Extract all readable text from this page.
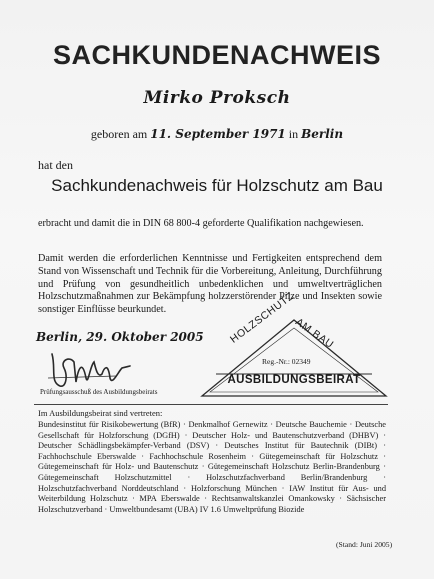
SACHKUNDENACHWEIS
Mirko Proksch
geboren am 11. September 1971 in Berlin
hat den
Sachkundenachweis für Holzschutz am Bau
erbracht und damit die in DIN 68 800-4 geforderte Qualifikation nachgewiesen.
Damit werden die erforderlichen Kenntnisse und Fertigkeiten entsprechend dem Stand von Wissenschaft und Technik für die Vorbereitung, Anleitung, Durchführung und Prüfung von gesundheitlich unbedenklichen und umweltverträglichen Holzschutzmaßnahmen zur Bekämpfung holzzerstörender Pilze und Insekten sowie sonstiger Einflüsse beurkundet.
Berlin, 29. Oktober 2005
Prüfungsausschuß des Ausbildungsbeirats
HOLZSCHUTZ
AM BAU
Reg.-Nr.: 02349
AUSBILDUNGSBEIRAT
Im Ausbildungsbeirat sind vertreten:
Bundesinstitut für Risikobewertung (BfR) · Denkmalhof Gernewitz · Deutsche Bauchemie · Deutsche Gesellschaft für Holzforschung (DGfH) · Deutscher Holz- und Bautenschutzverband (DHBV) · Deutscher Schädlingsbekämpfer-Verband (DSV) · Deutsches Institut für Bautechnik (DIBt) · Fachhochschule Eberswalde · Fachhochschule Rosenheim · Gütegemeinschaft für Holzschutz · Gütegemeinschaft für Holz- und Bautenschutz · Gütegemeinschaft Holzschutz Berlin-Brandenburg · Gütegemeinschaft Holzschutzmittel · Holzschutzfachverband Berlin/Brandenburg · Holzschutzfachverband Norddeutschland · Holzforschung München · IAW Institut für Aus- und Weiterbildung Holzschutz · MPA Eberswalde · Rechtsanwaltskanzlei Omankowsky · Sächsischer Holzschutzverband · Umweltbundesamt (UBA) IV 1.6 Umweltprüfung Biozide
(Stand: Juni 2005)
